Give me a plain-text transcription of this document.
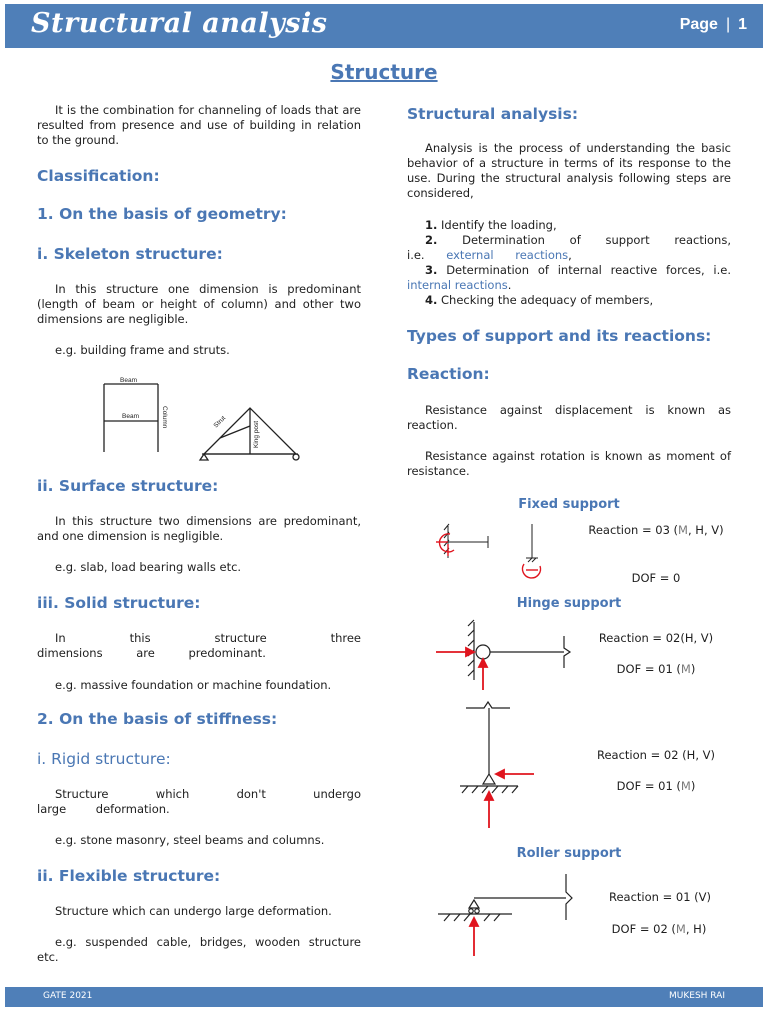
Structural analysis	Page | 1
Structure
It is the combination for channeling of loads that are resulted from presence and use of building in relation to the ground.
Classification:
1. On the basis of geometry:
i. Skeleton structure:
In this structure one dimension is predominant (length of beam or height of column) and other two dimensions are negligible.
e.g. building frame and struts.
Beam
Beam	Column	Strut	King post
ii. Surface structure:
In this structure two dimensions are predominant, and one dimension is negligible.
e.g. slab, load bearing walls etc.
iii. Solid structure:
In this structure three dimensions are predominant.
e.g. massive foundation or machine foundation.
2. On the basis of stiffness:
i. Rigid structure:
Structure which don't undergo large deformation.
e.g. stone masonry, steel beams and columns.
ii. Flexible structure:
Structure which can undergo large deformation.
e.g. suspended cable, bridges, wooden structure etc.
Structural analysis:
Analysis is the process of understanding the basic behavior of a structure in terms of its response to the use. During the structural analysis following steps are considered,
1. Identify the loading,
2. Determination of support reactions, i.e. external reactions,
3. Determination of internal reactive forces, i.e. internal reactions.
4. Checking the adequacy of members,
Types of support and its reactions:
Reaction:
Resistance against displacement is known as reaction.
Resistance against rotation is known as moment of resistance.
Fixed support
Reaction = 03 (M, H, V)
DOF = 0
Hinge support
Reaction = 02(H, V)
DOF = 01 (M)
Reaction = 02 (H, V)
DOF = 01 (M)
Roller support
Reaction = 01 (V)
DOF = 02 (M, H)
GATE 2021	MUKESH RAI
